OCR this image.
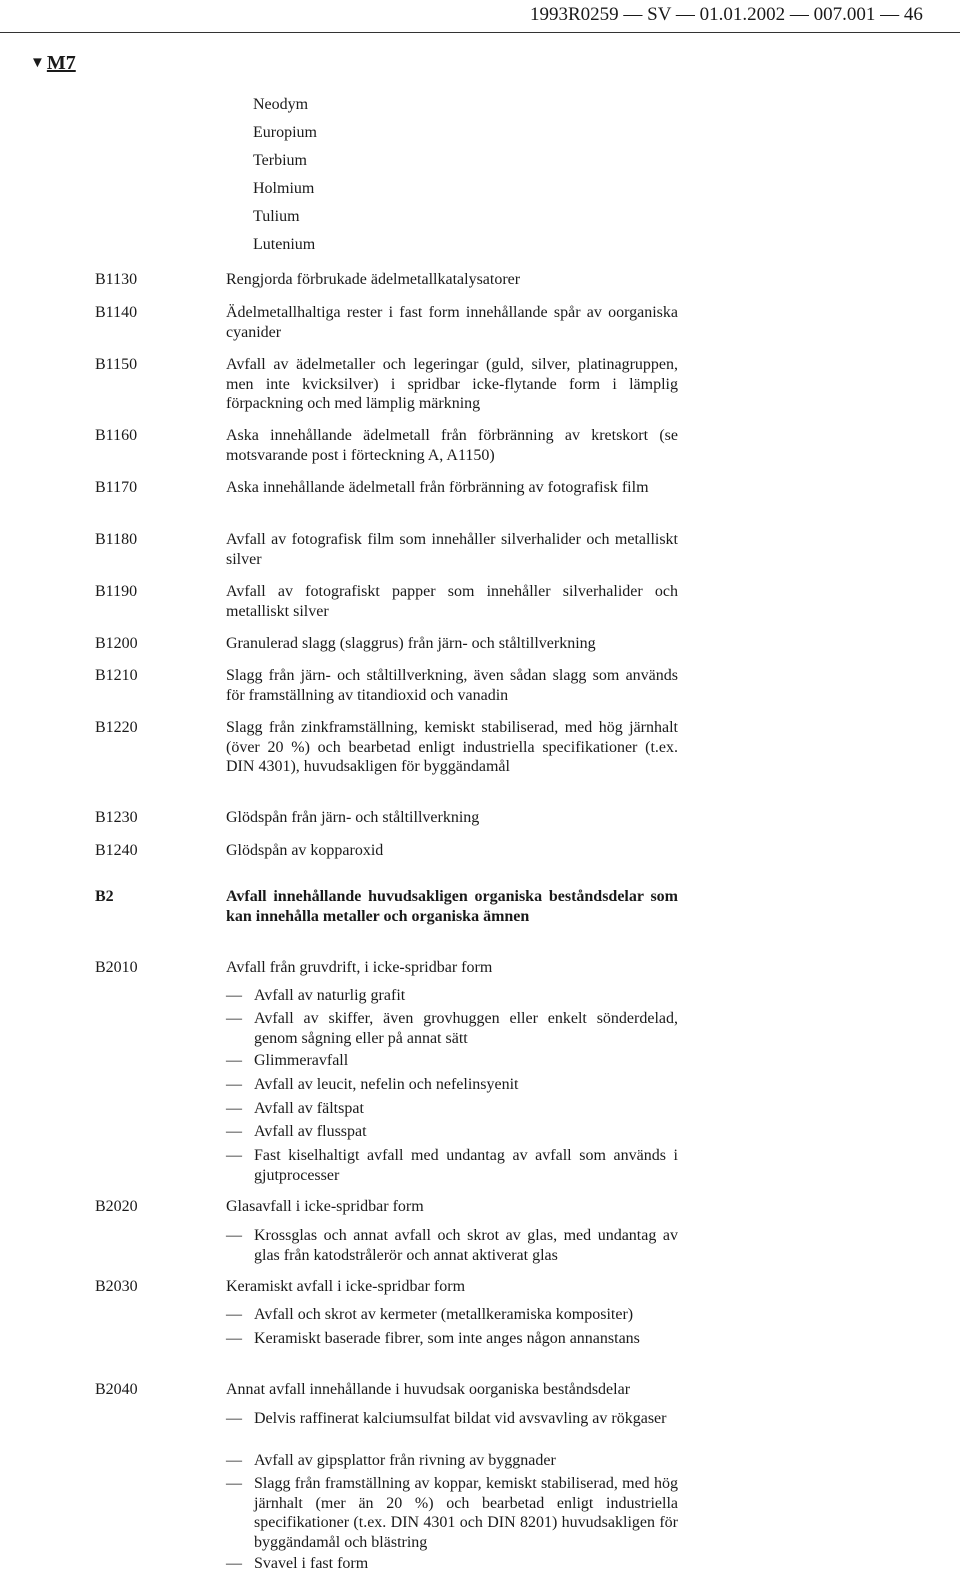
1993R0259 — SV — 01.01.2002 — 007.001 — 46
▼ M7
Neodym
Europium
Terbium
Holmium
Tulium
Lutenium
B1130	Rengjorda förbrukade ädelmetallkatalysatorer
B1140	Ädelmetallhaltiga rester i fast form innehållande spår av oorganiska cyanider
B1150	Avfall av ädelmetaller och legeringar (guld, silver, platinagruppen, men inte kvicksilver) i spridbar icke-flytande form i lämplig förpackning och med lämplig märkning
B1160	Aska innehållande ädelmetall från förbränning av kretskort (se motsvarande post i förteckning A, A1150)
B1170	Aska innehållande ädelmetall från förbränning av fotografisk film
B1180	Avfall av fotografisk film som innehåller silverhalider och metalliskt silver
B1190	Avfall av fotografiskt papper som innehåller silverhalider och metalliskt silver
B1200	Granulerad slagg (slaggrus) från järn- och ståltillverkning
B1210	Slagg från järn- och ståltillverkning, även sådan slagg som används för framställning av titandioxid och vanadin
B1220	Slagg från zinkframställning, kemiskt stabiliserad, med hög järnhalt (över 20 %) och bearbetad enligt industriella specifikationer (t.ex. DIN 4301), huvudsakligen för byggändamål
B1230	Glödspån från järn- och ståltillverkning
B1240	Glödspån av kopparoxid
B2	Avfall innehållande huvudsakligen organiska beståndsdelar som kan innehålla metaller och organiska ämnen
B2010	Avfall från gruvdrift, i icke-spridbar form
— Avfall av naturlig grafit
— Avfall av skiffer, även grovhuggen eller enkelt sönderdelad, genom sågning eller på annat sätt
— Glimmeravfall
— Avfall av leucit, nefelin och nefelinsyenit
— Avfall av fältspat
— Avfall av flusspat
— Fast kiselhaltigt avfall med undantag av avfall som används i gjutprocesser
B2020	Glasavfall i icke-spridbar form
— Krossglas och annat avfall och skrot av glas, med undantag av glas från katodstrålerör och annat aktiverat glas
B2030	Keramiskt avfall i icke-spridbar form
— Avfall och skrot av kermeter (metallkeramiska kompositer)
— Keramiskt baserade fibrer, som inte anges någon annanstans
B2040	Annat avfall innehållande i huvudsak oorganiska beståndsdelar
— Delvis raffinerat kalciumsulfat bildat vid avsvavling av rökgaser
— Avfall av gipsplattor från rivning av byggnader
— Slagg från framställning av koppar, kemiskt stabiliserad, med hög järnhalt (mer än 20 %) och bearbetad enligt industriella specifikationer (t.ex. DIN 4301 och DIN 8201) huvudsakligen för byggändamål och blästring
— Svavel i fast form
